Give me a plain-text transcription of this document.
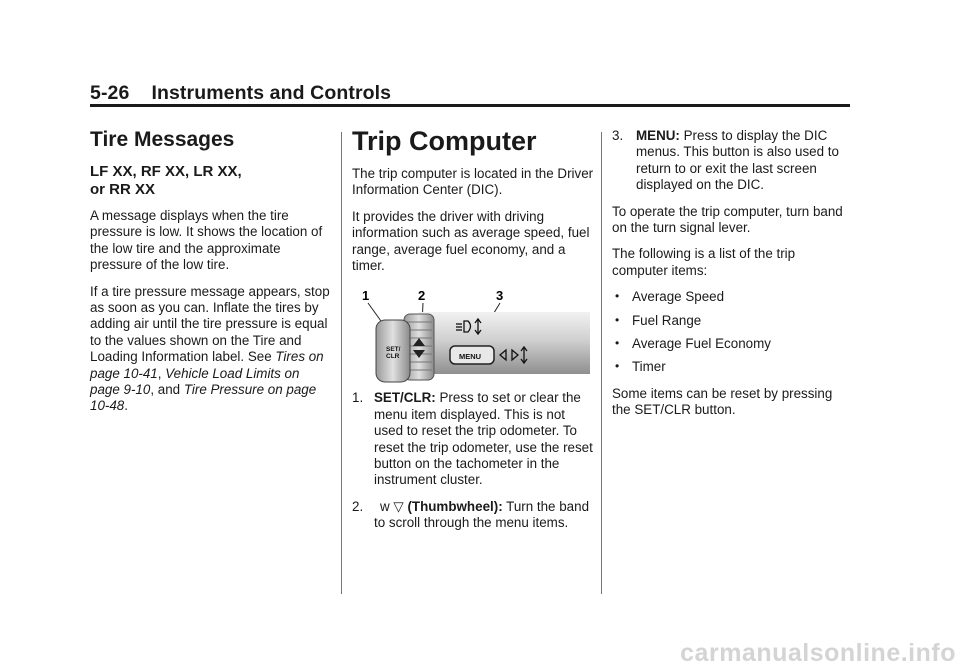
5-26 Instruments and Controls
Tire Messages
LF XX, RF XX, LR XX,
or RR XX

A message displays when the tire pressure is low. It shows the location of the low tire and the approximate pressure of the low tire.

If a tire pressure message appears, stop as soon as you can. Inflate the tires by adding air until the tire pressure is equal to the values shown on the Tire and Loading Information label. See Tires on page 10-41, Vehicle Load Limits on page 9-10, and Tire Pressure on page 10-48.

Trip Computer

The trip computer is located in the Driver Information Center (DIC).

It provides the driver with driving information such as average speed, fuel range, average fuel economy, and a timer.

1	2	3
SET/
CLR	MENU
1. SET/CLR: Press to set or clear the menu item displayed. This is not used to reset the trip odometer. To reset the trip odometer, use the reset button on the tachometer in the instrument cluster.
2. w ▽ (Thumbwheel): Turn the band to scroll through the menu items.
3. MENU: Press to display the DIC menus. This button is also used to return to or exit the last screen displayed on the DIC.

To operate the trip computer, turn band on the turn signal lever.

The following is a list of the trip computer items:

• Average Speed
• Fuel Range
• Average Fuel Economy
• Timer

Some items can be reset by pressing the SET/CLR button.

carmanualsonline.info
